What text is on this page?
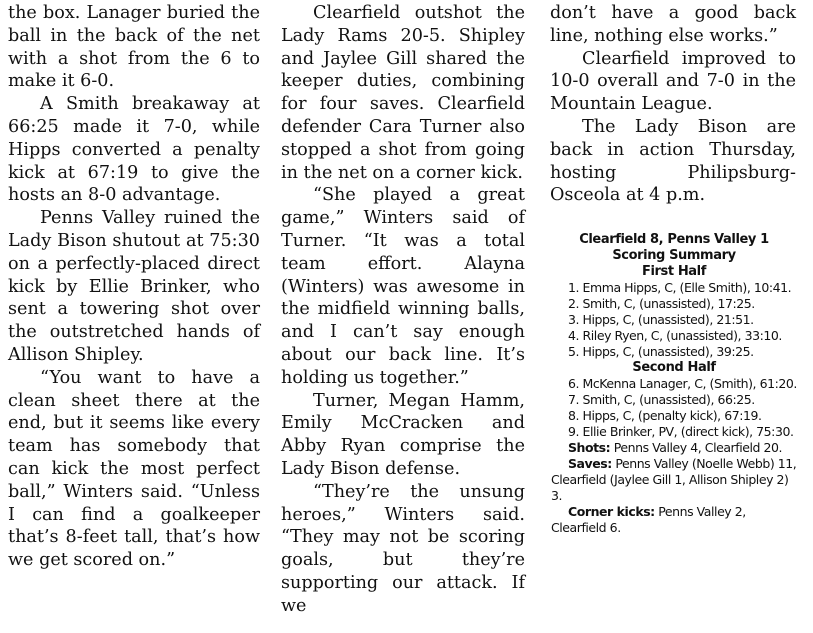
the box. Lanager buried the ball in the back of the net with a shot from the 6 to make it 6-0.

A Smith breakaway at 66:25 made it 7-0, while Hipps converted a penalty kick at 67:19 to give the hosts an 8-0 advantage.

Penns Valley ruined the Lady Bison shutout at 75:30 on a perfectly-placed direct kick by Ellie Brinker, who sent a towering shot over the outstretched hands of Allison Shipley.

“You want to have a clean sheet there at the end, but it seems like every team has somebody that can kick the most perfect ball,” Winters said. “Unless I can find a goalkeeper that’s 8-feet tall, that’s how we get scored on.”

Clearfield outshot the Lady Rams 20-5. Shipley and Jaylee Gill shared the keeper duties, combining for four saves. Clearfield defender Cara Turner also stopped a shot from going in the net on a corner kick.

“She played a great game,” Winters said of Turner. “It was a total team effort. Alayna (Winters) was awesome in the midfield winning balls, and I can’t say enough about our back line. It’s holding us together.”

Turner, Megan Hamm, Emily McCracken and Abby Ryan comprise the Lady Bison defense.

“They’re the unsung heroes,” Winters said. “They may not be scoring goals, but they’re supporting our attack. If we

don’t have a good back line, nothing else works.”

Clearfield improved to 10-0 overall and 7-0 in the Mountain League.

The Lady Bison are back in action Thursday, hosting Philipsburg-Osceola at 4 p.m.

Clearfield 8, Penns Valley 1

Scoring Summary

First Half

1. Emma Hipps, C, (Elle Smith), 10:41.

2. Smith, C, (unassisted), 17:25.

3. Hipps, C, (unassisted), 21:51.

4. Riley Ryen, C, (unassisted), 33:10.

5. Hipps, C, (unassisted), 39:25.

Second Half

6. McKenna Lanager, C, (Smith), 61:20.

7. Smith, C, (unassisted), 66:25.

8. Hipps, C, (penalty kick), 67:19.

9. Ellie Brinker, PV, (direct kick), 75:30.

Shots: Penns Valley 4, Clearfield 20.

Saves: Penns Valley (Noelle Webb) 11, Clearfield (Jaylee Gill 1, Allison Shipley 2) 3.

Corner kicks: Penns Valley 2, Clearfield 6.
